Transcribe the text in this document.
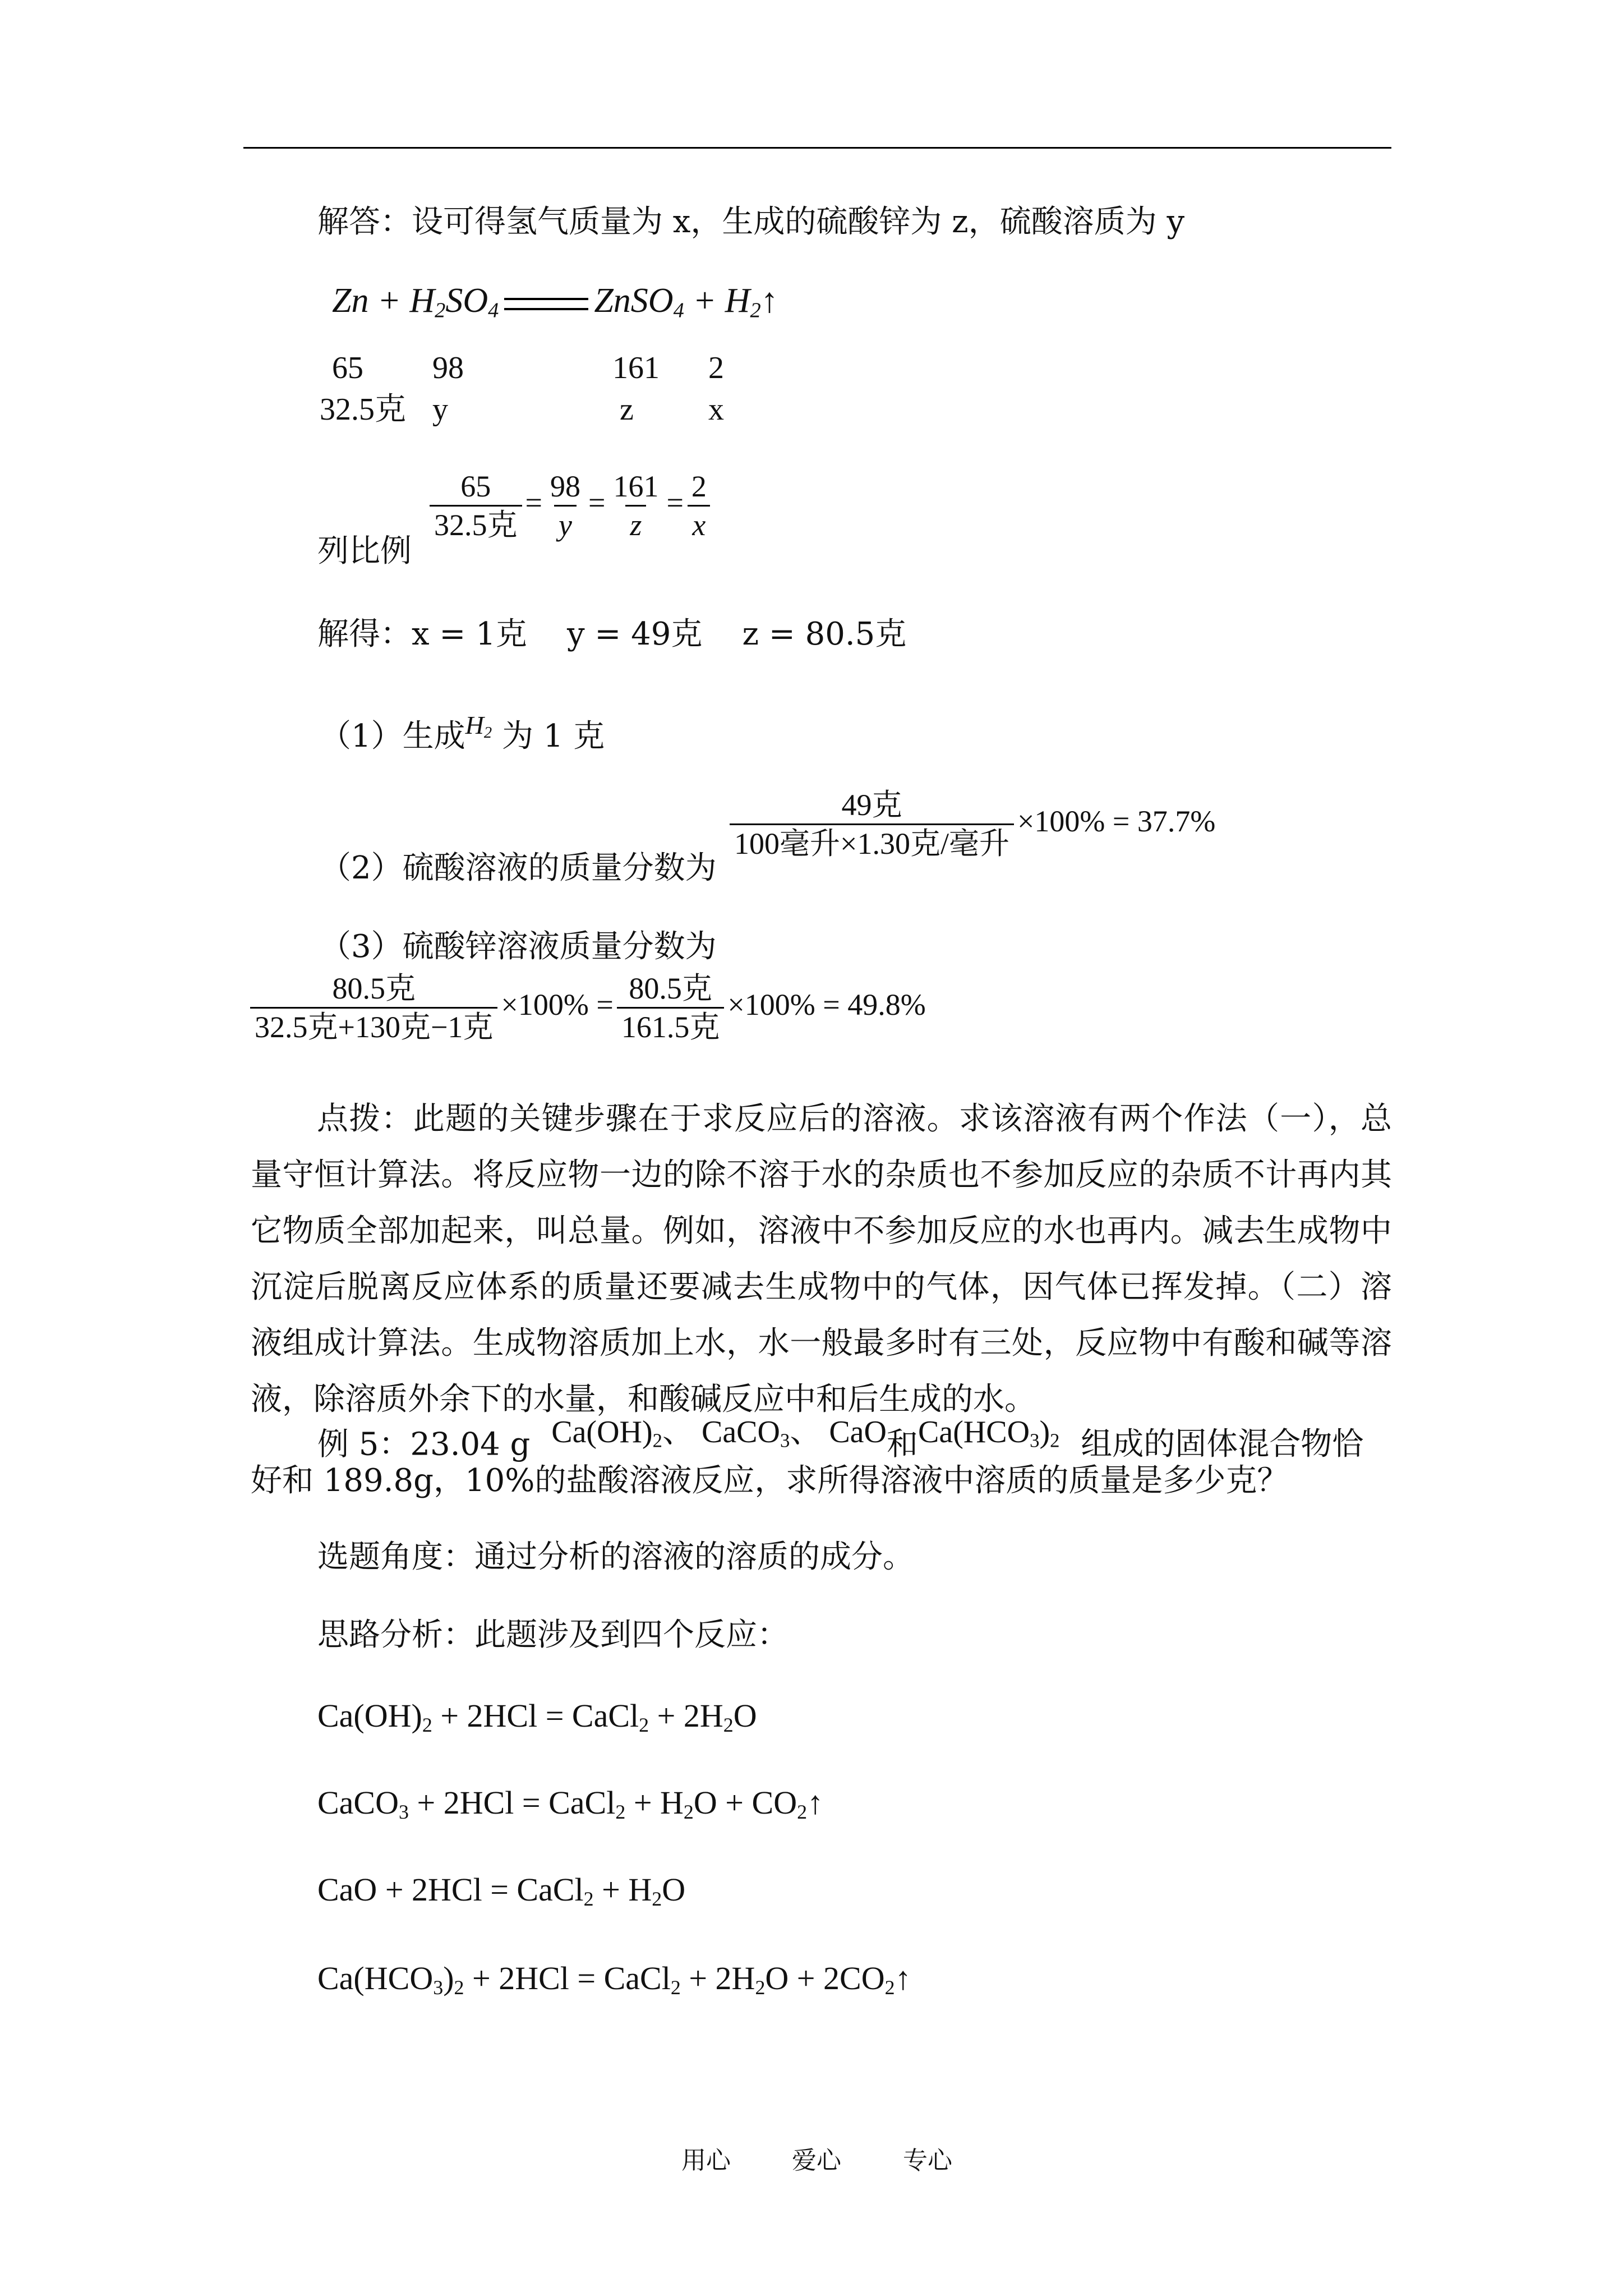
解答：设可得氢气质量为 x，生成的硫酸锌为 z，硫酸溶质为 y
$Zn + H_2SO_4$	ZnSO$_4$ + $H_2↑$
65 98	161 2
32.5克 y	z x
列比例
$\frac{65}{\text{32.5克}} = \frac{98}{y} = \frac{161}{z} = \frac{2}{x}$
解得：x = 1克    y = 49克    z = 80.5克
（1）生成$^{H_2}$ 为 1 克
（2）硫酸溶液的质量分数为
$\frac{\text{49克}}{\text{100毫升×1.30克/毫升}} \times 100\% = 37.7\%$
（3）硫酸锌溶液质量分数为
$\frac{\text{80.5克}}{\text{32.5克+130克−1克}} \times 100\% = \frac{\text{80.5克}}{\text{161.5克}} \times 100\% = 49.8\%$
点拨：此题的关键步骤在于求反应后的溶液。求该溶液有两个作法（一），总量守恒计算法。将反应物一边的除不溶于水的杂质也不参加反应的杂质不计再内其它物质全部加起来，叫总量。例如，溶液中不参加反应的水也再内。减去生成物中沉淀后脱离反应体系的质量还要减去生成物中的气体，因气体已挥发掉。（二）溶液组成计算法。生成物溶质加上水，水一般最多时有三处，反应物中有酸和碱等溶液，除溶质外余下的水量，和酸碱反应中和后生成的水。
例 5：23.04 g $Ca(OH)_2$、 CaCO$_3$、 CaO和$Ca(HCO_3)_2$ 组成的固体混合物恰
好和 189.8g，10%的盐酸溶液反应，求所得溶液中溶质的质量是多少克？
选题角度：通过分析的溶液的溶质的成分。
思路分析：此题涉及到四个反应：
$Ca(OH)_2 + 2HCl$ = CaCl$_2$ + $2H_2O$
CaCO$_3$ + 2HCl = CaCl$_2$ + $H_2O$ + $CO_2↑$
CaO + 2HCl = CaCl$_2$ + $H_2O$
$Ca(HCO_3)_2 + 2HCl$ = CaCl$_2$ + $2H_2O$ + $2CO_2↑$
用心 爱心	专心
